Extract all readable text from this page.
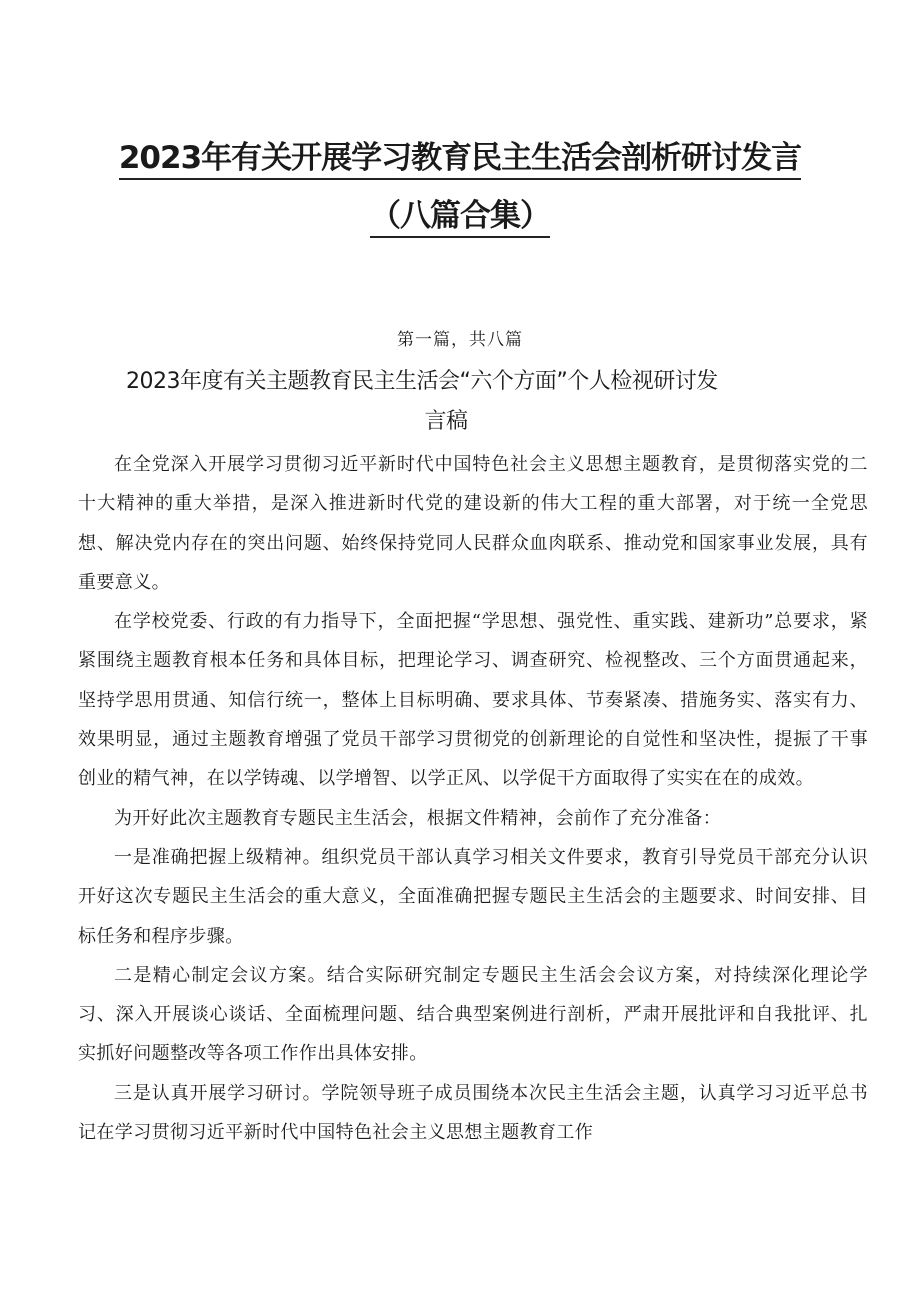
2023年有关开展学习教育民主生活会剖析研讨发言
（八篇合集）
第一篇，共八篇
2023年度有关主题教育民主生活会“六个方面”个人检视研讨发
言稿

在全党深入开展学习贯彻习近平新时代中国特色社会主义思想主题教育，是贯彻落实党的二十大精神的重大举措，是深入推进新时代党的建设新的伟大工程的重大部署，对于统一全党思想、解决党内存在的突出问题、始终保持党同人民群众血肉联系、推动党和国家事业发展，具有重要意义。

在学校党委、行政的有力指导下，全面把握“学思想、强党性、重实践、建新功”总要求，紧紧围绕主题教育根本任务和具体目标，把理论学习、调查研究、检视整改、三个方面贯通起来，坚持学思用贯通、知信行统一，整体上目标明确、要求具体、节奏紧凑、措施务实、落实有力、效果明显，通过主题教育增强了党员干部学习贯彻党的创新理论的自觉性和坚决性，提振了干事创业的精气神，在以学铸魂、以学增智、以学正风、以学促干方面取得了实实在在的成效。

为开好此次主题教育专题民主生活会，根据文件精神，会前作了充分准备：

一是准确把握上级精神。组织党员干部认真学习相关文件要求，教育引导党员干部充分认识开好这次专题民主生活会的重大意义，全面准确把握专题民主生活会的主题要求、时间安排、目标任务和程序步骤。

二是精心制定会议方案。结合实际研究制定专题民主生活会会议方案，对持续深化理论学习、深入开展谈心谈话、全面梳理问题、结合典型案例进行剖析，严肃开展批评和自我批评、扎实抓好问题整改等各项工作作出具体安排。

三是认真开展学习研讨。学院领导班子成员围绕本次民主生活会主题，认真学习习近平总书记在学习贯彻习近平新时代中国特色社会主义思想主题教育工作
